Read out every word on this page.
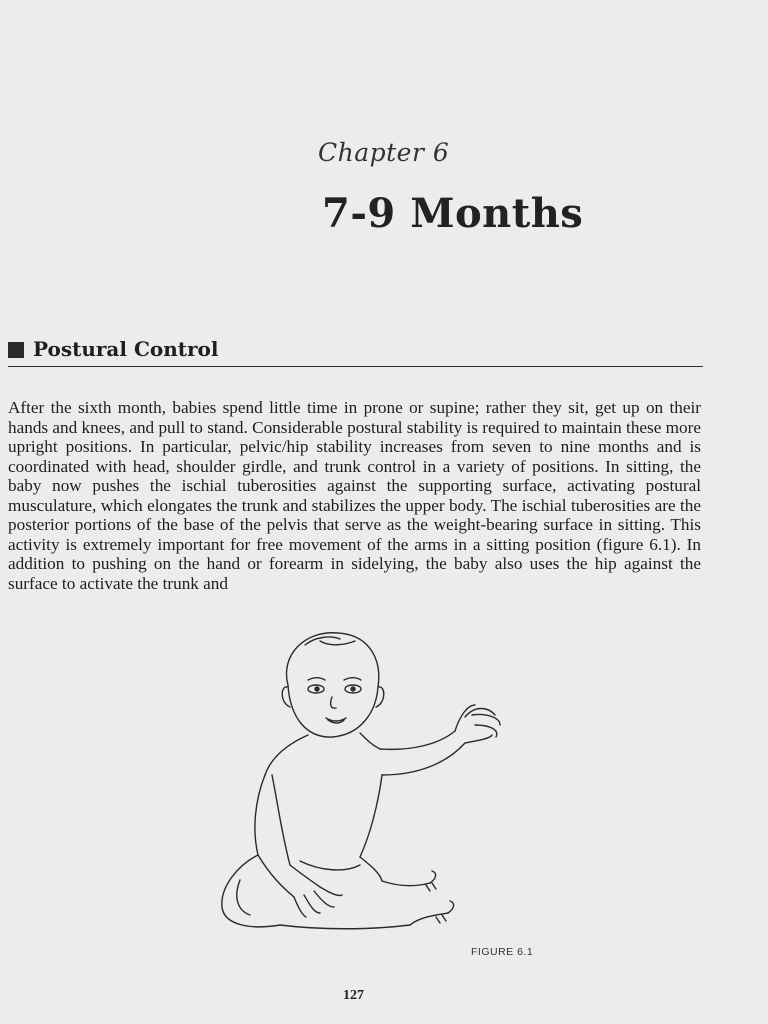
Chapter 6
7-9 Months
Postural Control

After the sixth month, babies spend little time in prone or supine; rather they sit, get up on their hands and knees, and pull to stand. Considerable postural stability is required to maintain these more upright positions. In particular, pelvic/hip stability increases from seven to nine months and is coordinated with head, shoulder girdle, and trunk control in a variety of positions. In sitting, the baby now pushes the ischial tuberosities against the supporting surface, activating postural musculature, which elongates the trunk and stabilizes the upper body. The ischial tuberosities are the posterior portions of the base of the pelvis that serve as the weight-bearing surface in sitting. This activity is extremely important for free movement of the arms in a sitting position (figure 6.1). In addition to pushing on the hand or forearm in sidelying, the baby also uses the hip against the surface to activate the trunk and

FIGURE 6.1
127
